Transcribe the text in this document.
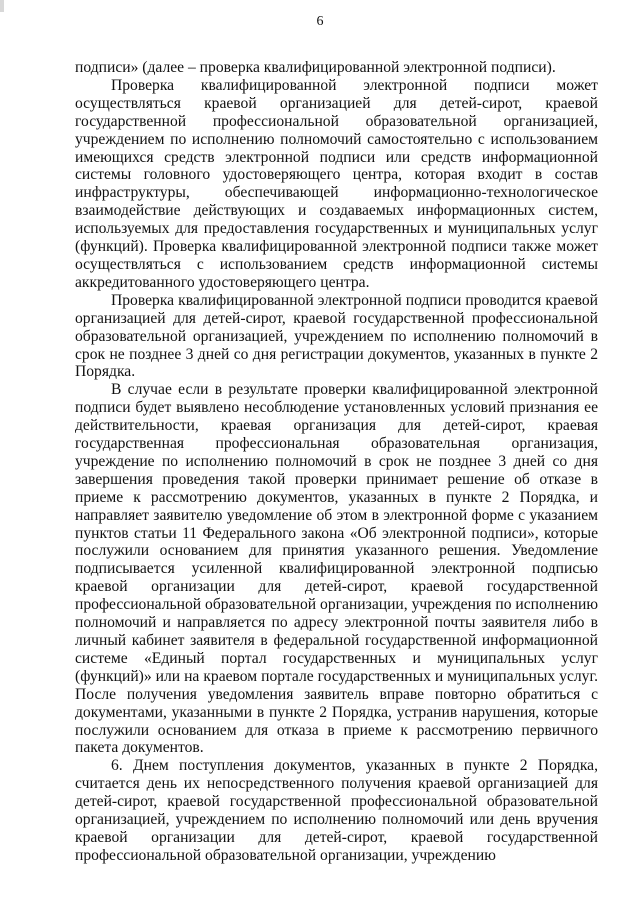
6

подписи» (далее – проверка квалифицированной электронной подписи).

Проверка квалифицированной электронной подписи может осуществляться краевой организацией для детей-сирот, краевой государственной профессиональной образовательной организацией, учреждением по исполнению полномочий самостоятельно с использованием имеющихся средств электронной подписи или средств информационной системы головного удостоверяющего центра, которая входит в состав инфраструктуры, обеспечивающей информационно-технологическое взаимодействие действующих и создаваемых информационных систем, используемых для предоставления государственных и муниципальных услуг (функций). Проверка квалифицированной электронной подписи также может осуществляться с использованием средств информационной системы аккредитованного удостоверяющего центра.

Проверка квалифицированной электронной подписи проводится краевой организацией для детей-сирот, краевой государственной профессиональной образовательной организацией, учреждением по исполнению полномочий в срок не позднее 3 дней со дня регистрации документов, указанных в пункте 2 Порядка.

В случае если в результате проверки квалифицированной электронной подписи будет выявлено несоблюдение установленных условий признания ее действительности, краевая организация для детей-сирот, краевая государственная профессиональная образовательная организация, учреждение по исполнению полномочий в срок не позднее 3 дней со дня завершения проведения такой проверки принимает решение об отказе в приеме к рассмотрению документов, указанных в пункте 2 Порядка, и направляет заявителю уведомление об этом в электронной форме с указанием пунктов статьи 11 Федерального закона «Об электронной подписи», которые послужили основанием для принятия указанного решения. Уведомление подписывается усиленной квалифицированной электронной подписью краевой организации для детей-сирот, краевой государственной профессиональной образовательной организации, учреждения по исполнению полномочий и направляется по адресу электронной почты заявителя либо в личный кабинет заявителя в федеральной государственной информационной системе «Единый портал государственных и муниципальных услуг (функций)» или на краевом портале государственных и муниципальных услуг. После получения уведомления заявитель вправе повторно обратиться с документами, указанными в пункте 2 Порядка, устранив нарушения, которые послужили основанием для отказа в приеме к рассмотрению первичного пакета документов.

6. Днем поступления документов, указанных в пункте 2 Порядка, считается день их непосредственного получения краевой организацией для детей-сирот, краевой государственной профессиональной образовательной организацией, учреждением по исполнению полномочий или день вручения краевой организации для детей-сирот, краевой государственной профессиональной образовательной организации, учреждению
